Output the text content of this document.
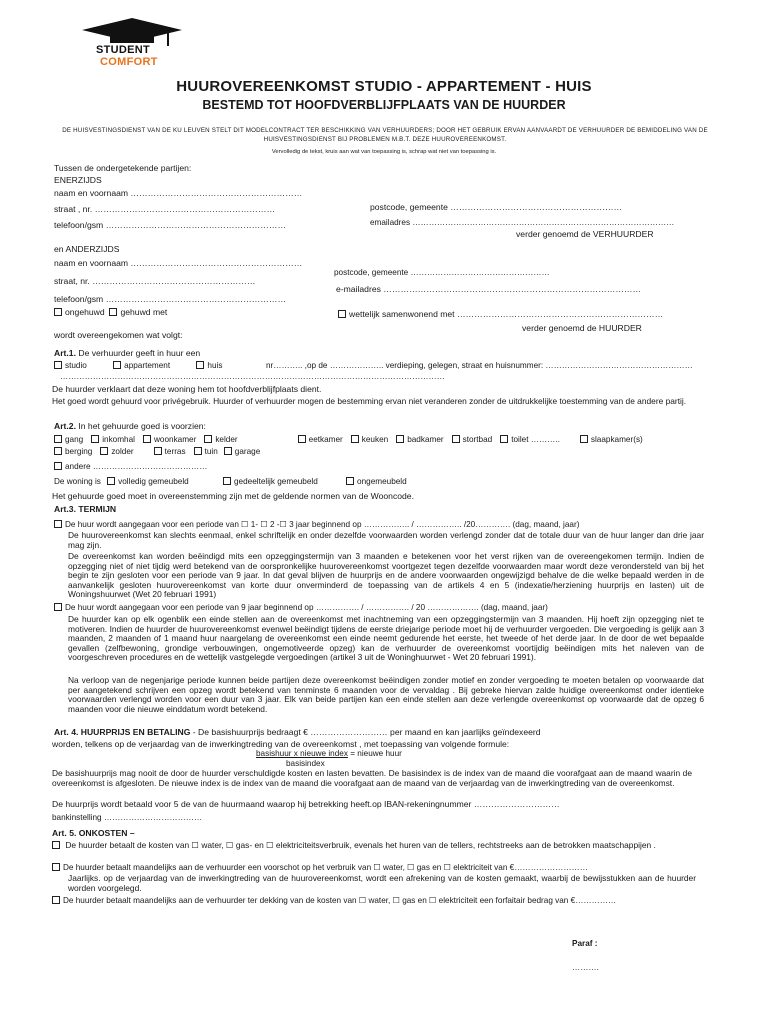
STUDENT
COMFORT
HUUROVEREENKOMST STUDIO - APPARTEMENT - HUIS
BESTEMD TOT HOOFDVERBLIJFPLAATS VAN DE HUURDER
DE HUISVESTINGSDIENST VAN DE KU LEUVEN STELT DIT MODELCONTRACT TER BESCHIKKING VAN VERHUURDERS; DOOR HET GEBRUIK ERVAN AANVAARDT DE VERHUURDER DE BEMIDDELING VAN DE HUISVESTINGSDIENST BIJ PROBLEMEN M.B.T. DEZE HUUROVEREENKOMST.
Vervolledig de tekst, kruis aan wat van toepassing is, schrap wat niet van toepassing is.
Tussen de ondergetekende partijen:
ENERZIJDS
naam en voornaam ……………………………………………………
straat , nr. ………………………………………………………	postcode, gemeente ……………………………………………………
emailadres ……………………………………………………………………………………
telefoon/gsm ………………………………………………………
verder genoemd de VERHUURDER
en ANDERZIJDS
naam en voornaam ……………………………………………………
postcode, gemeente ……………………………………………
straat, nr. …………………………………………………
e-mailadres ………………………………………………………………………………
telefoon/gsm ………………………………………………………
ongehuwd gehuwd met	wettelijk samenwonend met ………………………………………………………………
verder genoemd de HUURDER
wordt overeengekomen wat volgt:
Art.1. De verhuurder geeft in huur een
studio	appartement	huis	nr……….. ,op de ……………….. verdieping, gelegen, straat en huisnummer: ………………………………………………
……………………………………………………………………………………………………………………………
De huurder verklaart dat deze woning hem tot hoofdverblijfplaats dient.
Het goed wordt gehuurd voor privégebruik. Huurder of verhuurder mogen de bestemming ervan niet veranderen zonder de uitdrukkelijke toestemming van de andere partij.
Art.2. In het gehuurde goed is voorzien:
gang inkomhal woonkamer kelder	eetkamer keuken badkamer stortbad toilet ………..	slaapkamer(s)
berging zolder	terras tuin garage
andere ……………………………………
De woning is volledig gemeubeld	gedeeltelijk gemeubeld	ongemeubeld
Het gehuurde goed moet in overeenstemming zijn met de geldende normen van de Wooncode.
Art.3. TERMIJN
De huur wordt aangegaan voor een periode van ☐ 1- ☐ 2 -☐ 3 jaar beginnend op …………….. / …………….. /20…………. (dag, maand, jaar)
De huurovereenkomst kan slechts eenmaal, enkel schriftelijk en onder dezelfde voorwaarden worden verlengd zonder dat de totale duur van de huur langer dan drie jaar mag zijn.
De overeenkomst kan worden beëindigd mits een opzeggingstermijn van 3 maanden e betekenen voor het verst rijken van de overeengekomen termijn. Indien de opzegging niet of niet tijdig werd betekend van de oorspronkelijke huurovereenkomst voortgezet tegen dezelfde voorwaarden maar wordt deze verondersteld van bij het begin te zijn gesloten voor een periode van 9 jaar. In dat geval blijven de huurprijs en de andere voorwaarden ongewijzigd behalve de die welke bepaald werden in de aanvankelijk gesloten huurovereenkomst van korte duur onverminderd de toepassing van de artikels 4 en 5 (indexatie/herziening huurprijs en lasten) uit de Woningshuurwet (Wet 20 februari 1991)
De huur wordt aangegaan voor een periode van 9 jaar beginnend op ……………. / ……………. / 20 ………………. (dag, maand, jaar)
De huurder kan op elk ogenblik een einde stellen aan de overeenkomst met inachtneming van een opzeggingstermijn van 3 maanden. Hij hoeft zijn opzegging niet te motiveren. Indien de huurder de huurovereenkomst evenwel beëindigt tijdens de eerste driejarige periode moet hij de verhuurder vergoeden. Die vergoeding is gelijk aan 3 maanden, 2 maanden of 1 maand huur naargelang de overeenkomst een einde neemt gedurende het eerste, het tweede of het derde jaar. In de door de wet bepaalde gevallen (zelfbewoning, grondige verbouwingen, ongemotiveerde opzeg) kan de verhuurder de overeenkomst voortijdig beëindigen mits het naleven van de voorgeschreven procedures en de wettelijk vastgelegde vergoedingen (artikel 3 uit de Woninghuurwet - Wet 20 februari 1991).
Na verloop van de negenjarige periode kunnen beide partijen deze overeenkomst beëindigen zonder motief en zonder vergoeding te moeten betalen op voorwaarde dat per aangetekend schrijven een opzeg wordt betekend van tenminste 6 maanden voor de vervaldag . Bij gebreke hiervan zalde huidige overeenkomst onder identieke voorwaarden verlengd worden voor een duur van 3 jaar. Elk van beide partijen kan een einde stellen aan deze verlengde overeenkomst op voorwaarde dat de opzeg 6 maanden voor die nieuwe einddatum wordt betekend.
Art. 4. HUURPRIJS EN BETALING - De basishuurprijs bedraagt € ……………………… per maand en kan jaarlijks geïndexeerd
worden, telkens op de verjaardag van de inwerkingtreding van de overeenkomst , met toepassing van volgende formule:
basishuur x nieuwe index = nieuwe huur
basisindex
De basishuurprijs mag nooit de door de huurder verschuldigde kosten en lasten bevatten. De basisindex is de index van de maand die voorafgaat aan de maand waarin de overeenkomst is afgesloten. De nieuwe index is de index van de maand die voorafgaat aan de maand van de verjaardag van de inwerkingtreding van de overeenkomst.
De huurprijs wordt betaald voor 5 de van de huurmaand waarop hij betrekking heeft.op IBAN-rekeningnummer …………………………
bankinstelling ………………………………
Art. 5. ONKOSTEN –
De huurder betaalt de kosten van ☐ water, ☐ gas- en ☐ elektriciteitsverbruik, evenals het huren van de tellers, rechtstreeks aan de betrokken maatschappijen .
De huurder betaalt maandelijks aan de verhuurder een voorschot op het verbruik van ☐ water, ☐ gas en ☐ elektriciteit van €………………………
Jaarlijks. op de verjaardag van de inwerkingtreding van de huurovereenkomst, wordt een afrekening van de kosten gemaakt, waarbij de bewijsstukken aan de huurder worden voorgelegd.
De huurder betaalt maandelijks aan de verhuurder ter dekking van de kosten van ☐ water, ☐ gas en ☐ elektriciteit een forfaitair bedrag van €……………
Paraf :
……….
